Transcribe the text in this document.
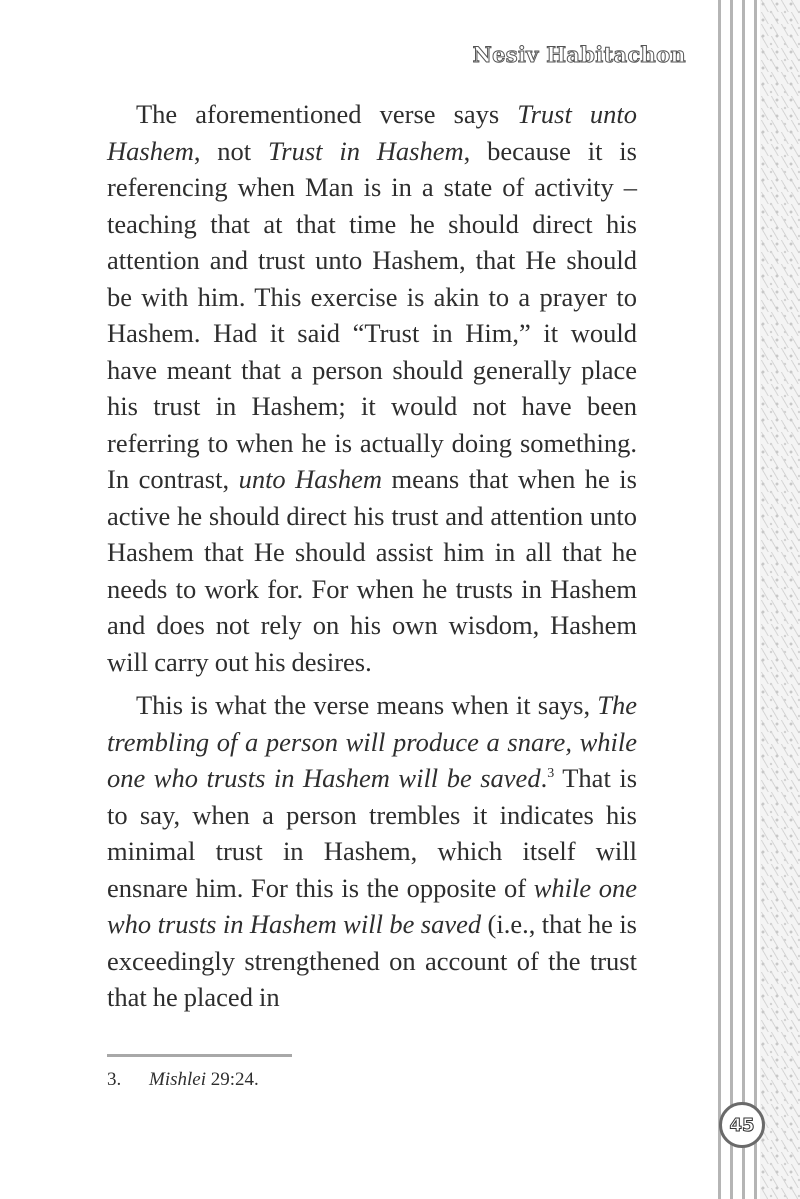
Nesiv Habitachon

The aforementioned verse says Trust unto Hashem, not Trust in Hashem, because it is referencing when Man is in a state of activity – teaching that at that time he should direct his attention and trust unto Hashem, that He should be with him. This exercise is akin to a prayer to Hashem. Had it said “Trust in Him,” it would have meant that a person should generally place his trust in Hashem; it would not have been referring to when he is actually doing something. In contrast, unto Hashem means that when he is active he should direct his trust and attention unto Hashem that He should assist him in all that he needs to work for. For when he trusts in Hashem and does not rely on his own wisdom, Hashem will carry out his desires.

This is what the verse means when it says, The trembling of a person will produce a snare, while one who trusts in Hashem will be saved.$^3$ That is to say, when a person trembles it indicates his minimal trust in Hashem, which itself will ensnare him. For this is the opposite of while one who trusts in Hashem will be saved (i.e., that he is exceedingly strengthened on account of the trust that he placed in

3. Mishlei 29:24.
45
